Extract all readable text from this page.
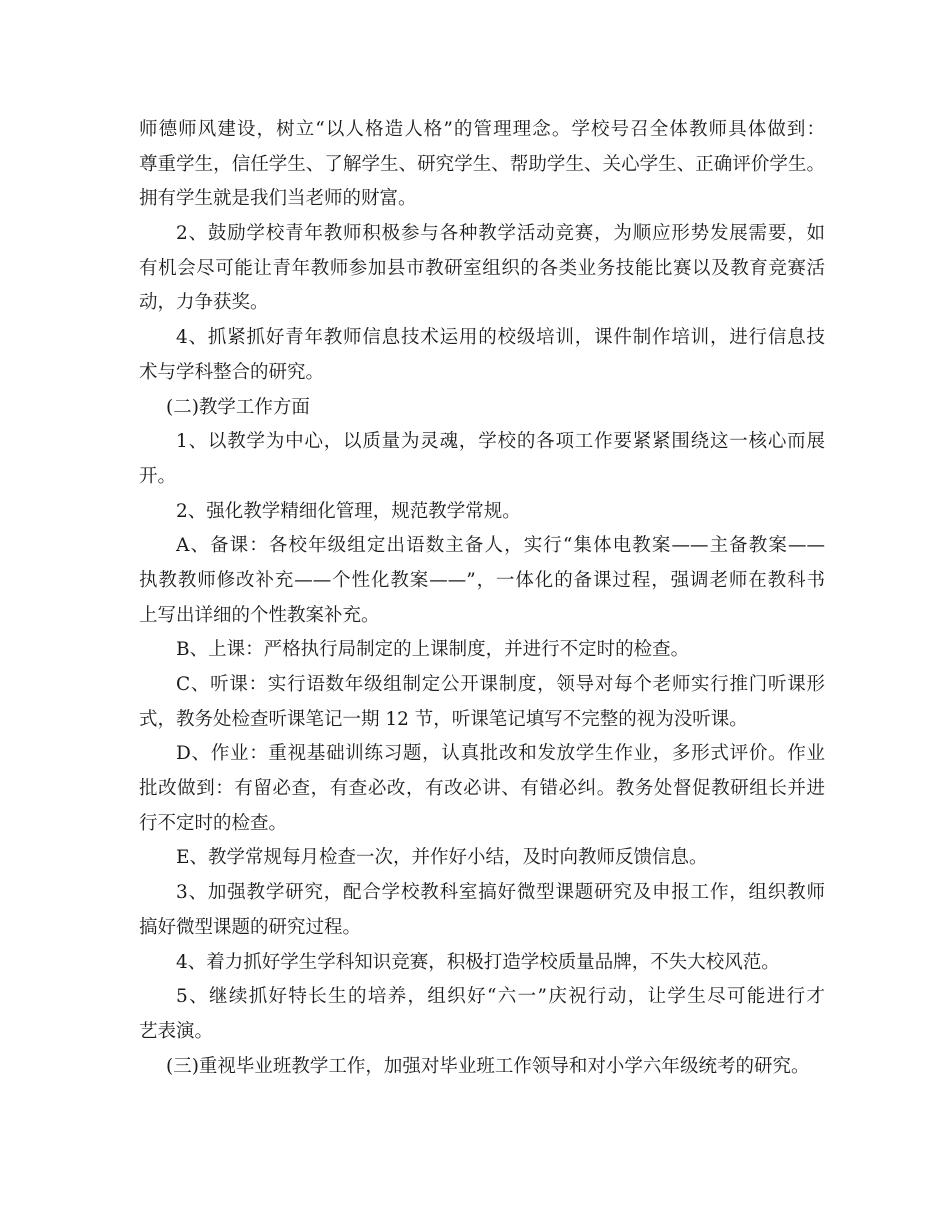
师德师风建设，树立“以人格造人格”的管理理念。学校号召全体教师具体做到：
尊重学生，信任学生、了解学生、研究学生、帮助学生、关心学生、正确评价学生。
拥有学生就是我们当老师的财富。
2、鼓励学校青年教师积极参与各种教学活动竞赛，为顺应形势发展需要，如
有机会尽可能让青年教师参加县市教研室组织的各类业务技能比赛以及教育竞赛活
动，力争获奖。
4、抓紧抓好青年教师信息技术运用的校级培训，课件制作培训，进行信息技
术与学科整合的研究。
(二)教学工作方面
1、以教学为中心，以质量为灵魂，学校的各项工作要紧紧围绕这一核心而展
开。
2、强化教学精细化管理，规范教学常规。
A、备课：各校年级组定出语数主备人，实行“集体电教案——主备教案——
执教教师修改补充——个性化教案——”，一体化的备课过程，强调老师在教科书
上写出详细的个性教案补充。
B、上课：严格执行局制定的上课制度，并进行不定时的检查。
C、听课：实行语数年级组制定公开课制度，领导对每个老师实行推门听课形
式，教务处检查听课笔记一期 12 节，听课笔记填写不完整的视为没听课。
D、作业：重视基础训练习题，认真批改和发放学生作业，多形式评价。作业
批改做到：有留必查，有查必改，有改必讲、有错必纠。教务处督促教研组长并进
行不定时的检查。
E、教学常规每月检查一次，并作好小结，及时向教师反馈信息。
3、加强教学研究，配合学校教科室搞好微型课题研究及申报工作，组织教师
搞好微型课题的研究过程。
4、着力抓好学生学科知识竞赛，积极打造学校质量品牌，不失大校风范。
5、继续抓好特长生的培养，组织好“六一”庆祝行动，让学生尽可能进行才
艺表演。
(三)重视毕业班教学工作，加强对毕业班工作领导和对小学六年级统考的研究。
